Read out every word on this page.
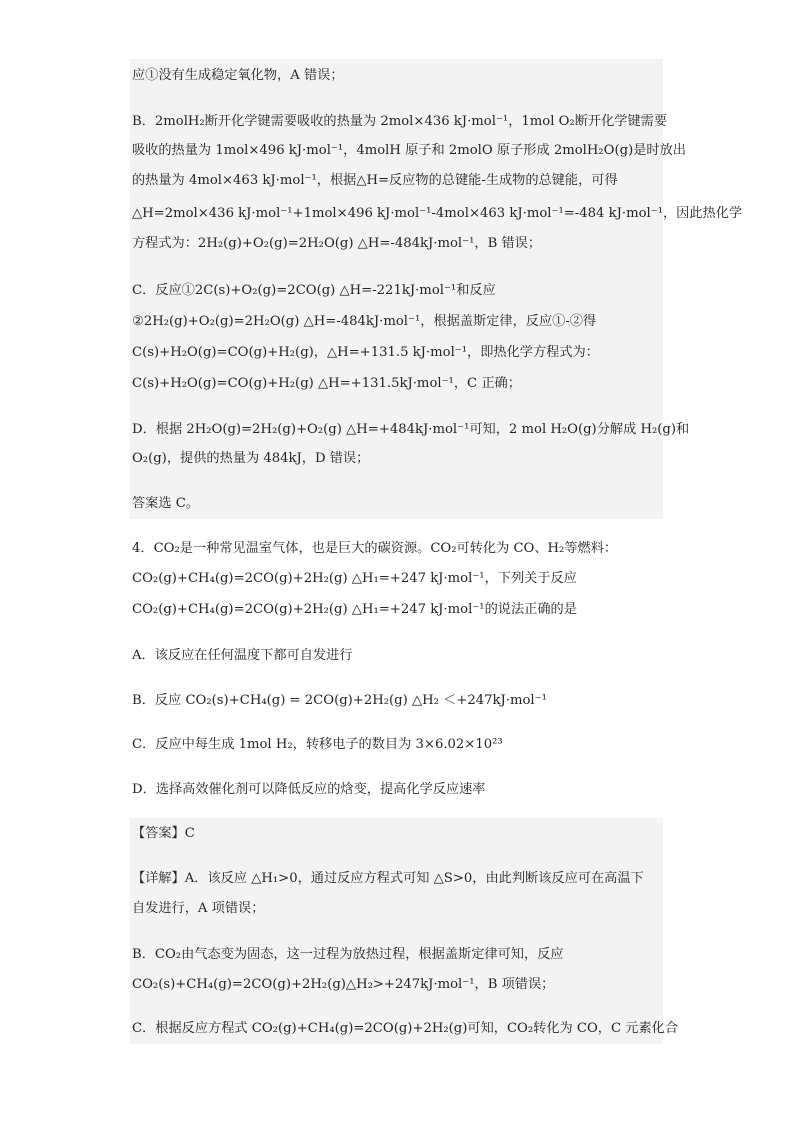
应①没有生成稳定氧化物，A 错误；
B．2molH₂断开化学键需要吸收的热量为 2mol×436 kJ·mol⁻¹，1mol O₂断开化学键需要
吸收的热量为 1mol×496 kJ·mol⁻¹，4molH 原子和 2molO 原子形成 2molH₂O(g)是时放出
的热量为 4mol×463 kJ·mol⁻¹，根据△H=反应物的总键能-生成物的总键能，可得
△H=2mol×436 kJ·mol⁻¹+1mol×496 kJ·mol⁻¹-4mol×463 kJ·mol⁻¹=-484 kJ·mol⁻¹，因此热化学
方程式为：2H₂(g)+O₂(g)=2H₂O(g) △H=-484kJ·mol⁻¹，B 错误；
C．反应①2C(s)+O₂(g)=2CO(g) △H=-221kJ·mol⁻¹和反应
②2H₂(g)+O₂(g)=2H₂O(g) △H=-484kJ·mol⁻¹，根据盖斯定律，反应①-②得
C(s)+H₂O(g)=CO(g)+H₂(g)，△H=+131.5 kJ·mol⁻¹，即热化学方程式为：
C(s)+H₂O(g)=CO(g)+H₂(g) △H=+131.5kJ·mol⁻¹，C 正确；
D．根据 2H₂O(g)=2H₂(g)+O₂(g) △H=+484kJ·mol⁻¹可知，2 mol H₂O(g)分解成 H₂(g)和
O₂(g)，提供的热量为 484kJ，D 错误；
答案选 C。
4．CO₂是一种常见温室气体，也是巨大的碳资源。CO₂可转化为 CO、H₂等燃料：
CO₂(g)+CH₄(g)=2CO(g)+2H₂(g) △H₁=+247 kJ·mol⁻¹，下列关于反应
CO₂(g)+CH₄(g)=2CO(g)+2H₂(g) △H₁=+247 kJ·mol⁻¹的说法正确的是
A．该反应在任何温度下都可自发进行
B．反应 CO₂(s)+CH₄(g) = 2CO(g)+2H₂(g) △H₂ ＜+247kJ·mol⁻¹
C．反应中每生成 1mol H₂，转移电子的数目为 3×6.02×10²³
D．选择高效催化剂可以降低反应的焓变，提高化学反应速率
【答案】C
【详解】A．该反应 △H₁>0，通过反应方程式可知 △S>0，由此判断该反应可在高温下
自发进行，A 项错误；
B．CO₂由气态变为固态，这一过程为放热过程，根据盖斯定律可知，反应
CO₂(s)+CH₄(g)=2CO(g)+2H₂(g)△H₂>+247kJ·mol⁻¹，B 项错误；
C．根据反应方程式 CO₂(g)+CH₄(g)=2CO(g)+2H₂(g)可知，CO₂转化为 CO，C 元素化合
